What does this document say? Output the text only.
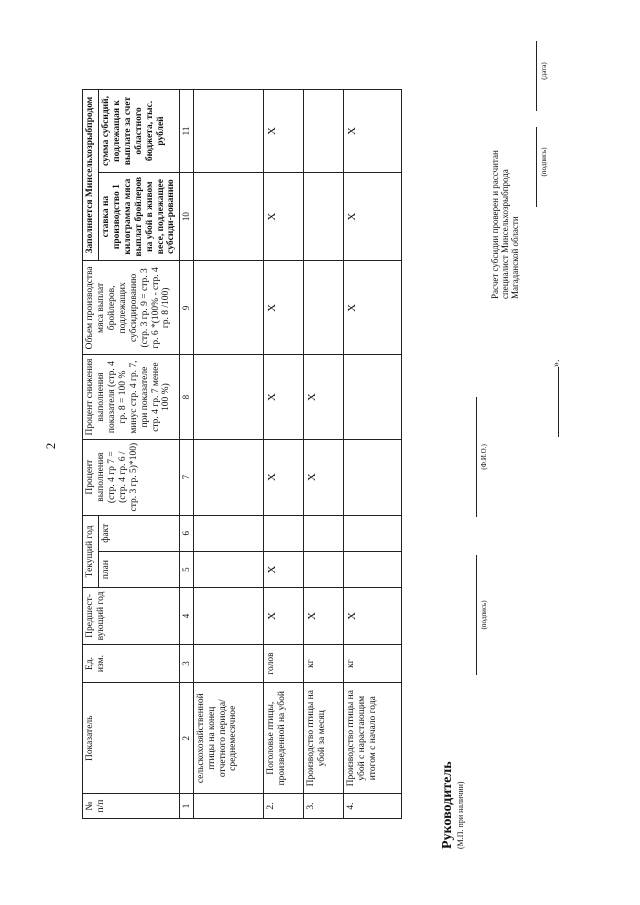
2
№ п/п	Показатель	Ед. изм.	Предшест-вующий год	Текущий год		Процент выполнения (стр. 4 гр 7 = (стр. 4 гр. 6 / стр. 3 гр. 5)*100)	Процент снижения выполнения показателя (стр. 4 гр. 8 = 100 % минус стр. 4 гр. 7, при показателе стр. 4 гр. 7 менее 100 %)	Объем производства мяса выплат бройлеров, подлежащих субсидированию (стр. 3 гр. 9 = стр. 3 гр. 6 *(100% - стр. 4 гр. 8 /100)	Заполняется Минсельхозрыбпродом	
				план	факт				ставка на производство 1 килограмма мяса выплат бройлеров на убой в живом весе, подлежащее субсиди-рованию	сумма субсидий, подлежащая к выплате за счет областного бюджета, тыс. рублей
1	2	3	4	5	6	7	8	9	10	11
	сельскохозяйственной птицы на конец отчетного периода/ среднемесячное									
2.	Поголовье птицы, произведенной на убой	голов	Х	Х		Х	Х	Х	Х	Х
3.	Производство птицы на убой за месяц	кг	Х			Х	Х			
4.	Производство птицы на убой с нарастающим итогом с начало года	кг	Х					Х	Х	Х
Руководитель (М.П. при наличии)
(подпись)
(Ф.И.О.)
».
Расчет субсидии проверен и рассчитан специалист Минсельхозрыбпрода Магаданской области
(подпись)
(дата)
